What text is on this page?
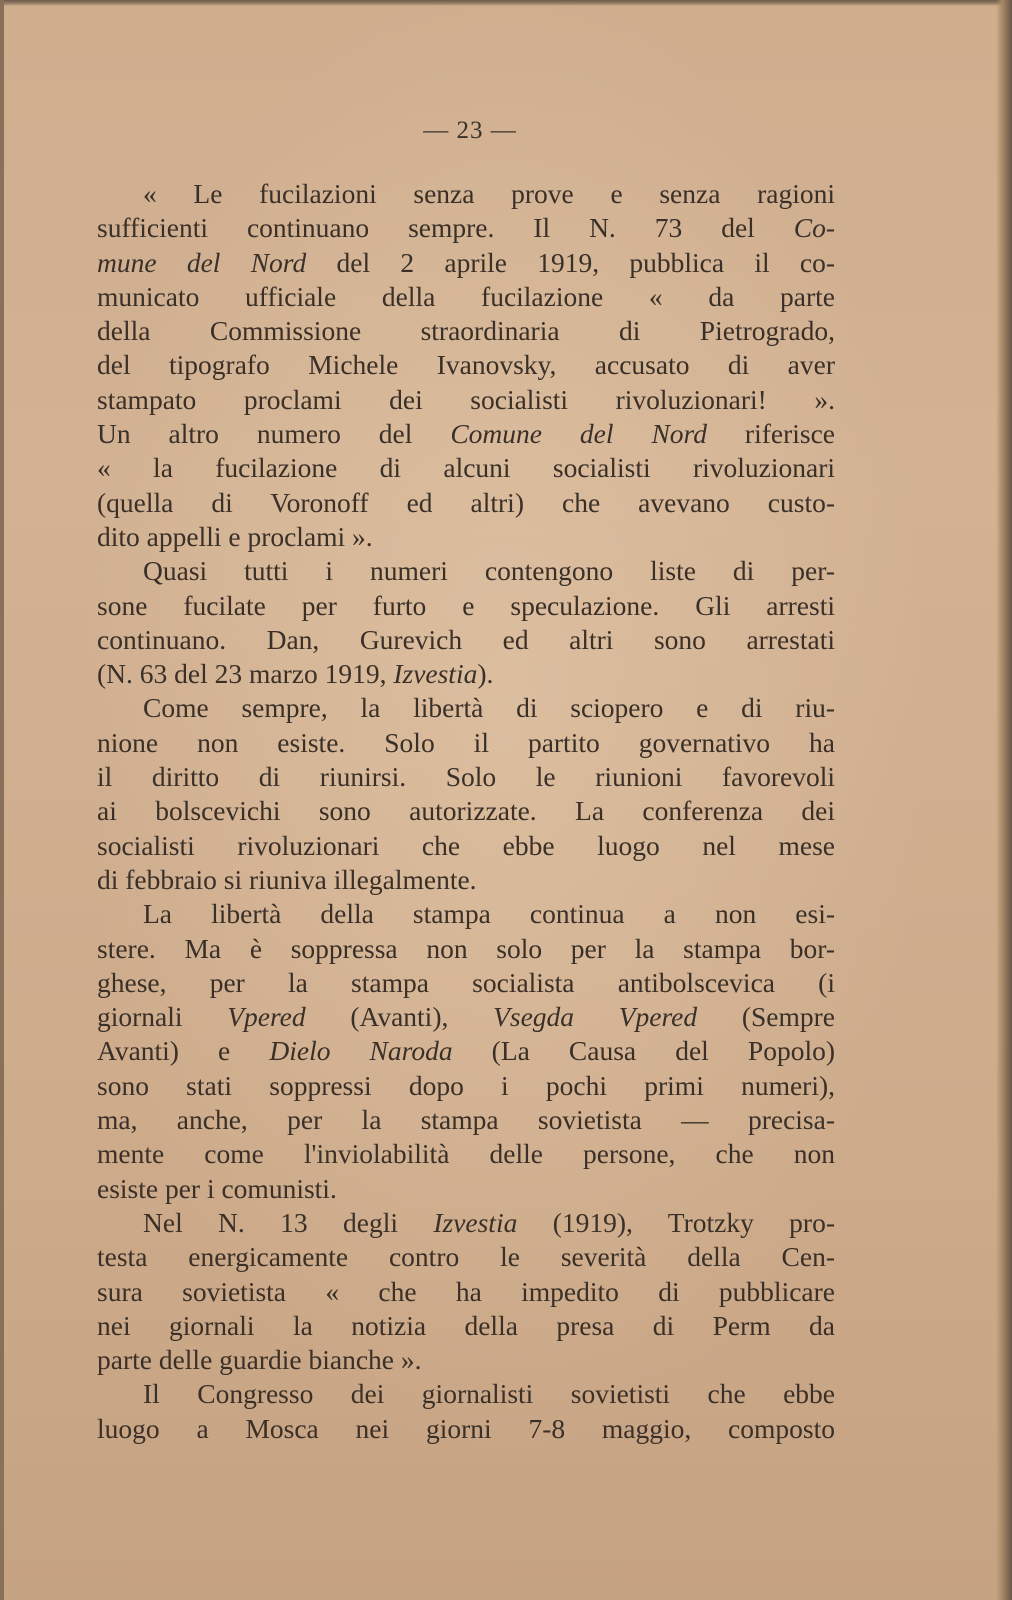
— 23 —
« Le fucilazioni senza prove e senza ragioni
sufficienti continuano sempre. Il N. 73 del Co-
mune del Nord del 2 aprile 1919, pubblica il co-
municato ufficiale della fucilazione « da parte
della Commissione straordinaria di Pietrogrado,
del tipografo Michele Ivanovsky, accusato di aver
stampato proclami dei socialisti rivoluzionari! ».
Un altro numero del Comune del Nord riferisce
« la fucilazione di alcuni socialisti rivoluzionari
(quella di Voronoff ed altri) che avevano custo-
dito appelli e proclami ».
Quasi tutti i numeri contengono liste di per-
sone fucilate per furto e speculazione. Gli arresti
continuano. Dan, Gurevich ed altri sono arrestati
(N. 63 del 23 marzo 1919, Izvestia).
Come sempre, la libertà di sciopero e di riu-
nione non esiste. Solo il partito governativo ha
il diritto di riunirsi. Solo le riunioni favorevoli
ai bolscevichi sono autorizzate. La conferenza dei
socialisti rivoluzionari che ebbe luogo nel mese
di febbraio si riuniva illegalmente.
La libertà della stampa continua a non esi-
stere. Ma è soppressa non solo per la stampa bor-
ghese, per la stampa socialista antibolscevica (i
giornali Vpered (Avanti), Vsegda Vpered (Sempre
Avanti) e Dielo Naroda (La Causa del Popolo)
sono stati soppressi dopo i pochi primi numeri),
ma, anche, per la stampa sovietista — precisa-
mente come l'inviolabilità delle persone, che non
esiste per i comunisti.
Nel N. 13 degli Izvestia (1919), Trotzky pro-
testa energicamente contro le severità della Cen-
sura sovietista « che ha impedito di pubblicare
nei giornali la notizia della presa di Perm da
parte delle guardie bianche ».
Il Congresso dei giornalisti sovietisti che ebbe
luogo a Mosca nei giorni 7-8 maggio, composto
